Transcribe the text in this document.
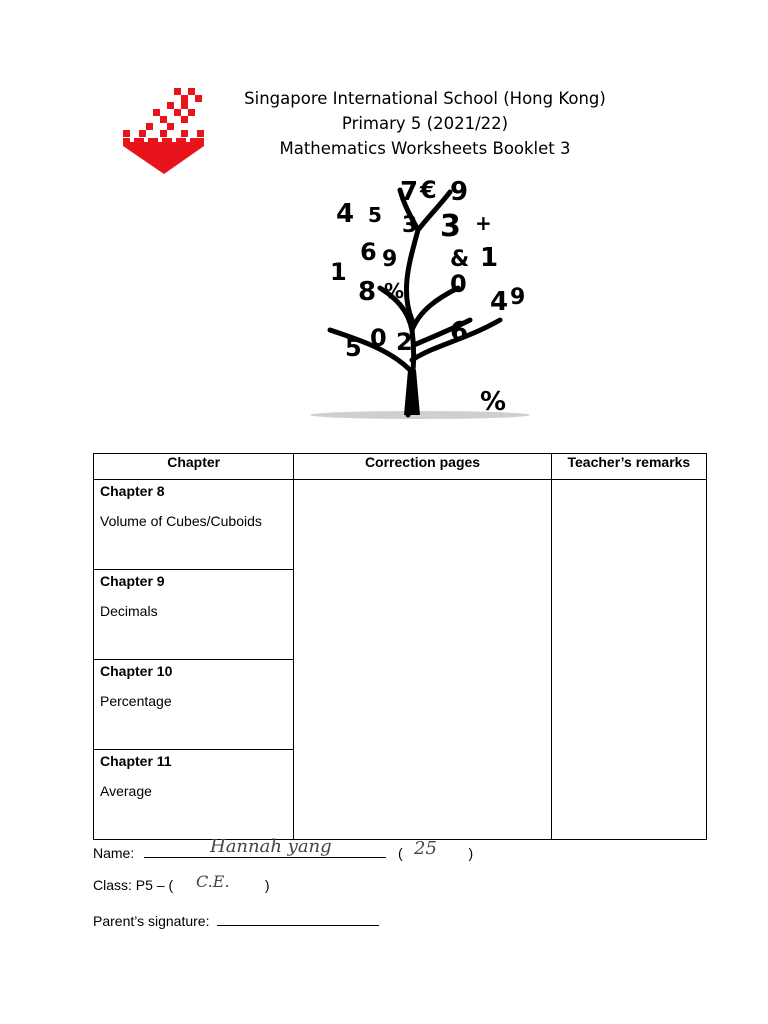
Singapore International School (Hong Kong)
Primary 5 (2021/22)
Mathematics Worksheets Booklet 3
7 € 9
4 5 3 3 +
6 9 & 1
1
8 % 0
4 9
0 2 6
5
%
Chapter	Correction pages	Teacher’s remarks

Chapter 8
Volume of Cubes/Cuboids		

Chapter 9
Decimals		

Chapter 10
Percentage		

Chapter 11
Average		
Name:	(	)
Hannah yang	25
Class: P5 – (	)
C.E.
Parent’s signature:
